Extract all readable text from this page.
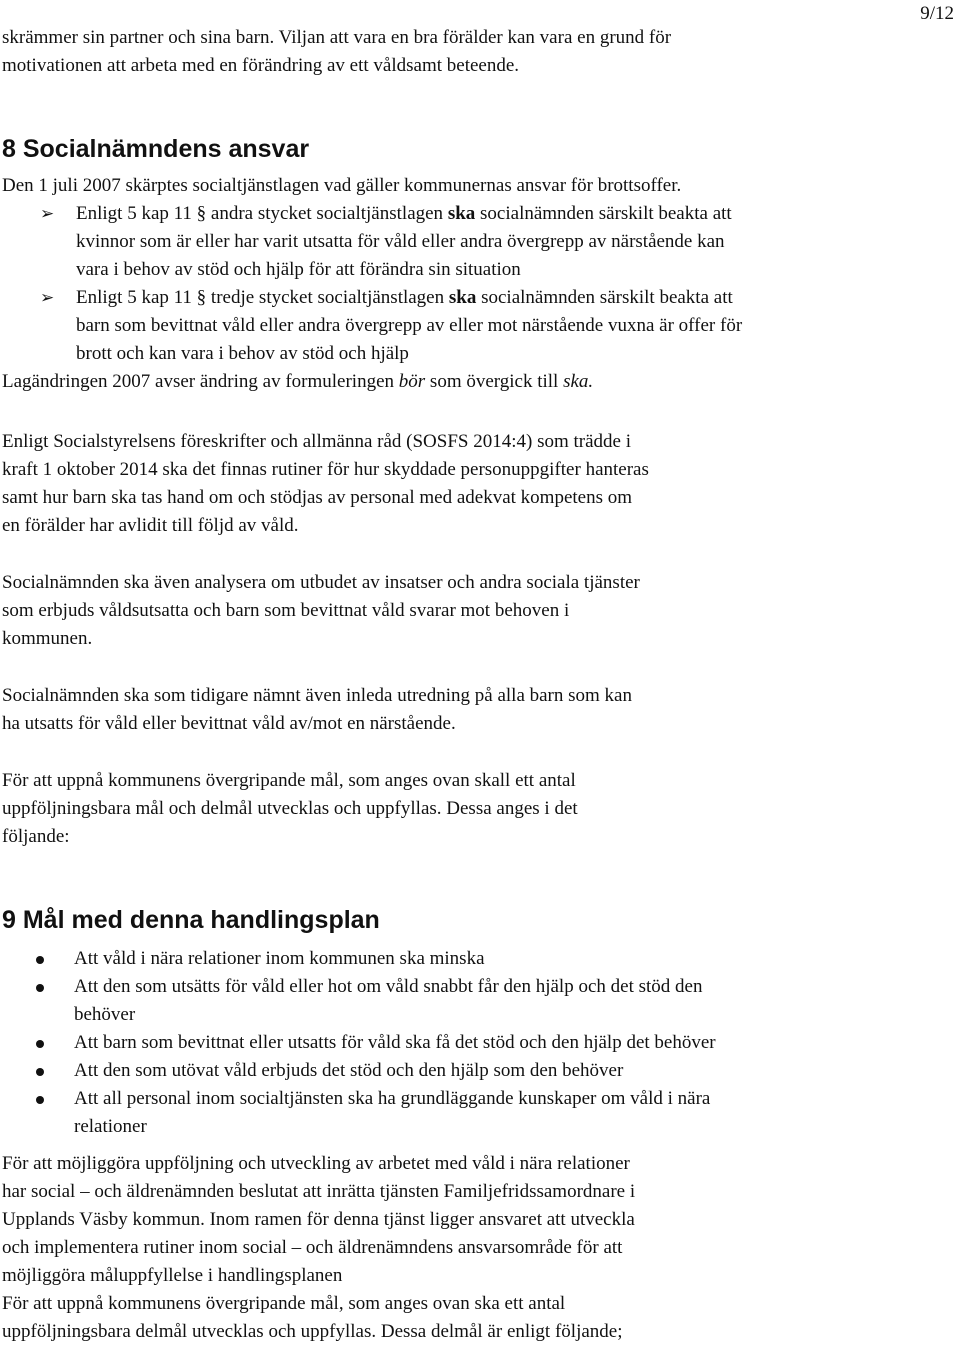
9/12
skrämmer sin partner och sina barn. Viljan att vara en bra förälder kan vara en grund för
motivationen att arbeta med en förändring av ett våldsamt beteende.
8 Socialnämndens ansvar
Den 1 juli 2007 skärptes socialtjänstlagen vad gäller kommunernas ansvar för brottsoffer.
➢ Enligt 5 kap 11 § andra stycket socialtjänstlagen ska socialnämnden särskilt beakta att
kvinnor som är eller har varit utsatta för våld eller andra övergrepp av närstående kan
vara i behov av stöd och hjälp för att förändra sin situation
➢ Enligt 5 kap 11 § tredje stycket socialtjänstlagen ska socialnämnden särskilt beakta att
barn som bevittnat våld eller andra övergrepp av eller mot närstående vuxna är offer för
brott och kan vara i behov av stöd och hjälp
Lagändringen 2007 avser ändring av formuleringen bör som övergick till ska.
Enligt Socialstyrelsens föreskrifter och allmänna råd (SOSFS 2014:4) som trädde i
kraft 1 oktober 2014 ska det finnas rutiner för hur skyddade personuppgifter hanteras
samt hur barn ska tas hand om och stödjas av personal med adekvat kompetens om
en förälder har avlidit till följd av våld.
Socialnämnden ska även analysera om utbudet av insatser och andra sociala tjänster
som erbjuds våldsutsatta och barn som bevittnat våld svarar mot behoven i
kommunen.
Socialnämnden ska som tidigare nämnt även inleda utredning på alla barn som kan
ha utsatts för våld eller bevittnat våld av/mot en närstående.
För att uppnå kommunens övergripande mål, som anges ovan skall ett antal
uppföljningsbara mål och delmål utvecklas och uppfyllas. Dessa anges i det
följande:
9 Mål med denna handlingsplan
Att våld i nära relationer inom kommunen ska minska
Att den som utsätts för våld eller hot om våld snabbt får den hjälp och det stöd den
behöver
Att barn som bevittnat eller utsatts för våld ska få det stöd och den hjälp det behöver
Att den som utövat våld erbjuds det stöd och den hjälp som den behöver
Att all personal inom socialtjänsten ska ha grundläggande kunskaper om våld i nära
relationer
För att möjliggöra uppföljning och utveckling av arbetet med våld i nära relationer
har social – och äldrenämnden beslutat att inrätta tjänsten Familjefridssamordnare i
Upplands Väsby kommun. Inom ramen för denna tjänst ligger ansvaret att utveckla
och implementera rutiner inom social – och äldrenämndens ansvarsområde för att
möjliggöra måluppfyllelse i handlingsplanen
För att uppnå kommunens övergripande mål, som anges ovan ska ett antal
uppföljningsbara delmål utvecklas och uppfyllas. Dessa delmål är enligt följande;
